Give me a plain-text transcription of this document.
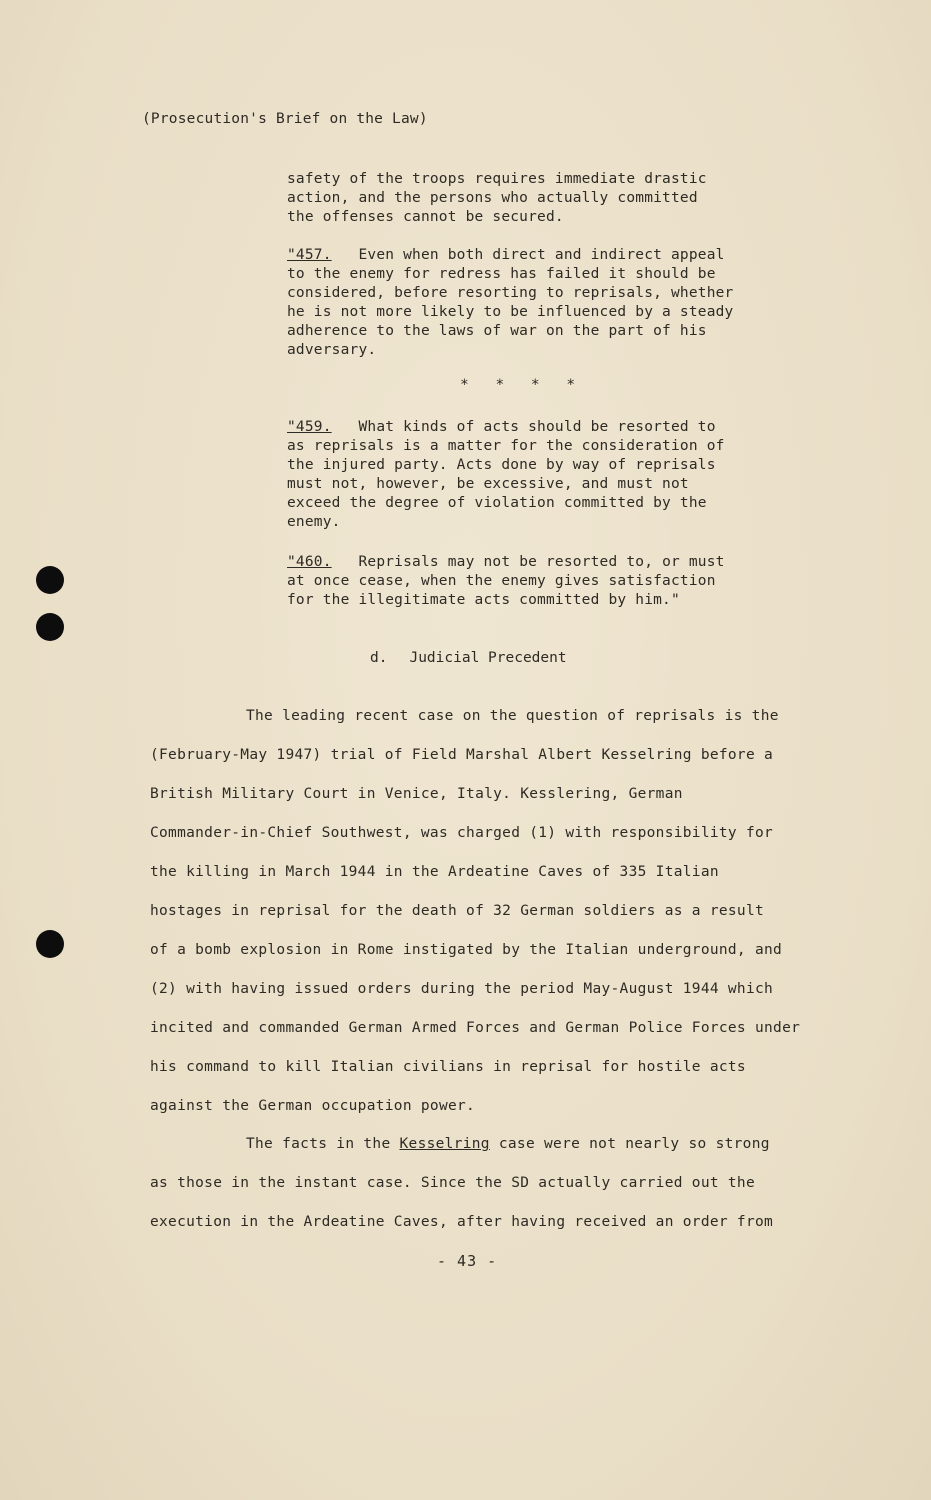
(Prosecution's Brief on the Law)

safety of the troops requires immediate drastic

action, and the persons who actually committed

the offenses cannot be secured.

"457. Even when both direct and indirect appeal

to the enemy for redress has failed it should be

considered, before resorting to reprisals, whether

he is not more likely to be influenced by a steady

adherence to the laws of war on the part of his

adversary.

* * * *

"459. What kinds of acts should be resorted to

as reprisals is a matter for the consideration of

the injured party. Acts done by way of reprisals

must not, however, be excessive, and must not

exceed the degree of violation committed by the

enemy.

"460. Reprisals may not be resorted to, or must

at once cease, when the enemy gives satisfaction

for the illegitimate acts committed by him."

d. Judicial Precedent

The leading recent case on the question of reprisals is the

(February-May 1947) trial of Field Marshal Albert Kesselring before a

British Military Court in Venice, Italy. Kesslering, German

Commander-in-Chief Southwest, was charged (1) with responsibility for

the killing in March 1944 in the Ardeatine Caves of 335 Italian

hostages in reprisal for the death of 32 German soldiers as a result

of a bomb explosion in Rome instigated by the Italian underground, and

(2) with having issued orders during the period May-August 1944 which

incited and commanded German Armed Forces and German Police Forces under

his command to kill Italian civilians in reprisal for hostile acts

against the German occupation power.

The facts in the Kesselring case were not nearly so strong

as those in the instant case. Since the SD actually carried out the

execution in the Ardeatine Caves, after having received an order from

- 43 -
